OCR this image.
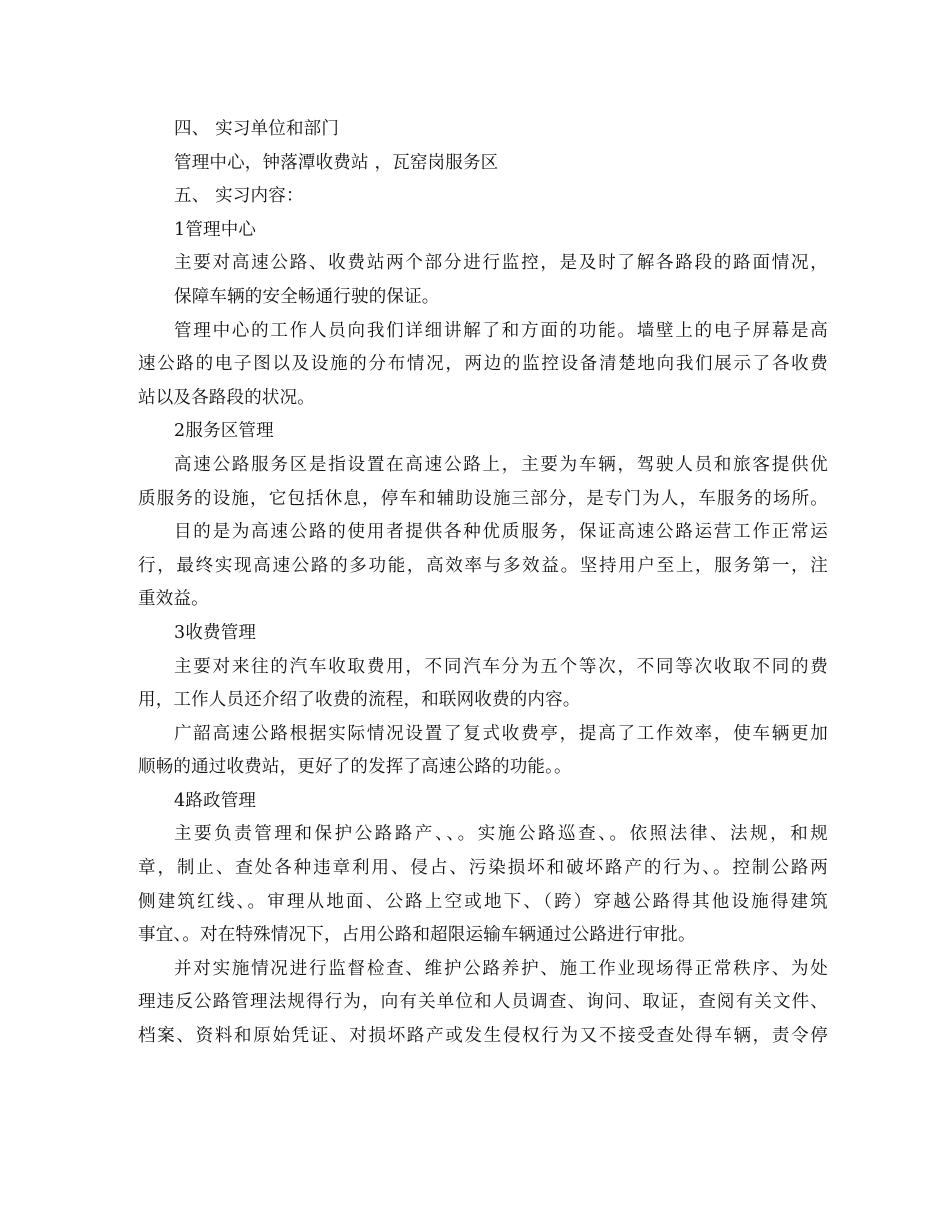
四、 实习单位和部门
管理中心，钟落潭收费站 ，瓦窑岗服务区
五、 实习内容：
1管理中心
主要对高速公路、收费站两个部分进行监控，是及时了解各路段的路面情况，
保障车辆的安全畅通行驶的保证。
管理中心的工作人员向我们详细讲解了和方面的功能。墙壁上的电子屏幕是高
速公路的电子图以及设施的分布情况，两边的监控设备清楚地向我们展示了各收费
站以及各路段的状况。
2服务区管理
高速公路服务区是指设置在高速公路上，主要为车辆，驾驶人员和旅客提供优
质服务的设施，它包括休息，停车和辅助设施三部分，是专门为人，车服务的场所。
目的是为高速公路的使用者提供各种优质服务，保证高速公路运营工作正常运
行，最终实现高速公路的多功能，高效率与多效益。坚持用户至上，服务第一，注
重效益。
3收费管理
主要对来往的汽车收取费用，不同汽车分为五个等次，不同等次收取不同的费
用，工作人员还介绍了收费的流程，和联网收费的内容。
广韶高速公路根据实际情况设置了复式收费亭，提高了工作效率，使车辆更加
顺畅的通过收费站，更好了的发挥了高速公路的功能。。
4路政管理
主要负责管理和保护公路路产、、。实施公路巡查、。依照法律、法规，和规
章，制止、查处各种违章利用、侵占、污染损坏和破坏路产的行为、。控制公路两
侧建筑红线、。审理从地面、公路上空或地下、（跨）穿越公路得其他设施得建筑
事宜、。对在特殊情况下，占用公路和超限运输车辆通过公路进行审批。
并对实施情况进行监督检查、维护公路养护、施工作业现场得正常秩序、为处
理违反公路管理法规得行为，向有关单位和人员调查、询问、取证，查阅有关文件、
档案、资料和原始凭证、对损坏路产或发生侵权行为又不接受查处得车辆，责令停
